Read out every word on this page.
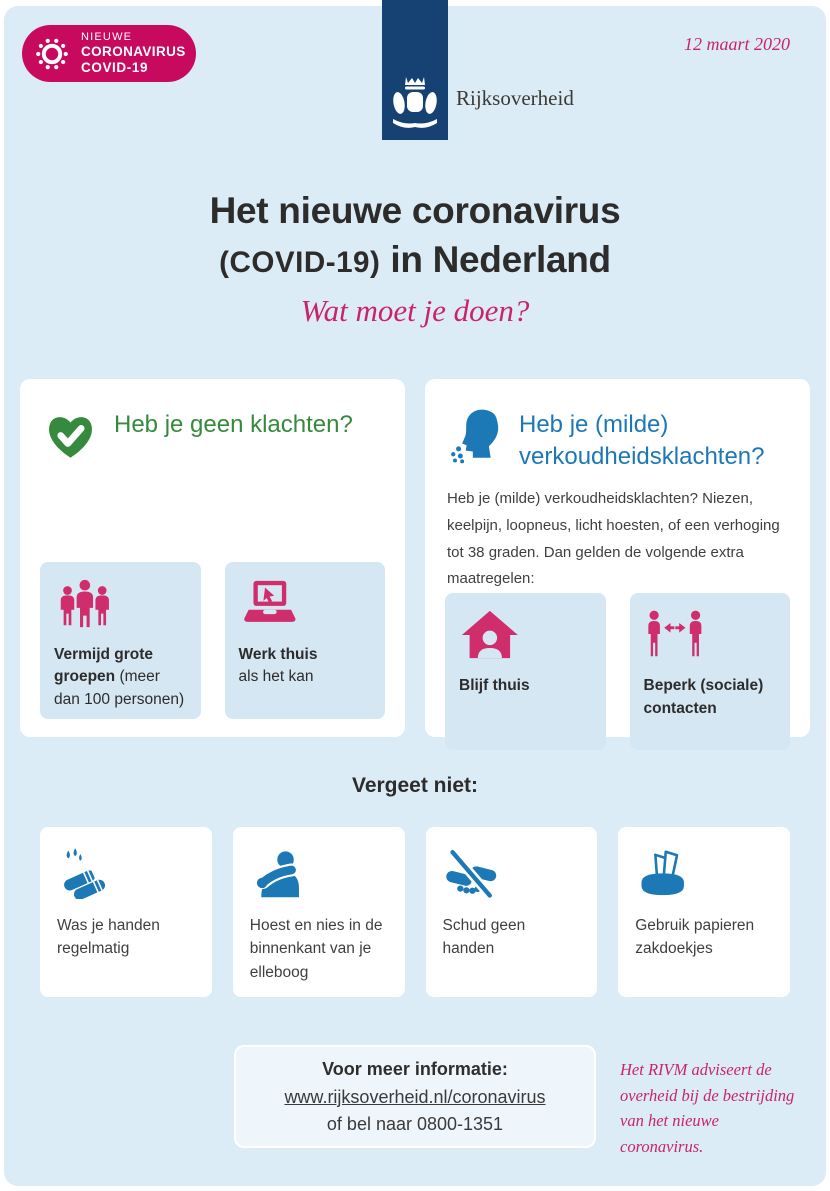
NIEUWE
CORONAVIRUS
COVID-19
Rijksoverheid
12 maart 2020
Het nieuwe coronavirus
(COVID-19) in Nederland
Wat moet je doen?
Heb je geen klachten?
Vermijd grote groepen (meer dan 100 personen)
Werk thuis
als het kan
Heb je (milde) verkoudheidsklachten?
Heb je (milde) verkoudheidsklachten? Niezen, keelpijn, loopneus, licht hoesten, of een verhoging tot 38 graden. Dan gelden de volgende extra maatregelen:
Blijf thuis	Beperk (sociale) contacten
Vergeet niet:
Was je handen regelmatig
Hoest en nies in de binnenkant van je elleboog
Schud geen handen
Gebruik papieren zakdoekjes
Voor meer informatie:
www.rijksoverheid.nl/coronavirus
of bel naar 0800-1351
Het RIVM adviseert de overheid bij de bestrijding van het nieuwe coronavirus.
